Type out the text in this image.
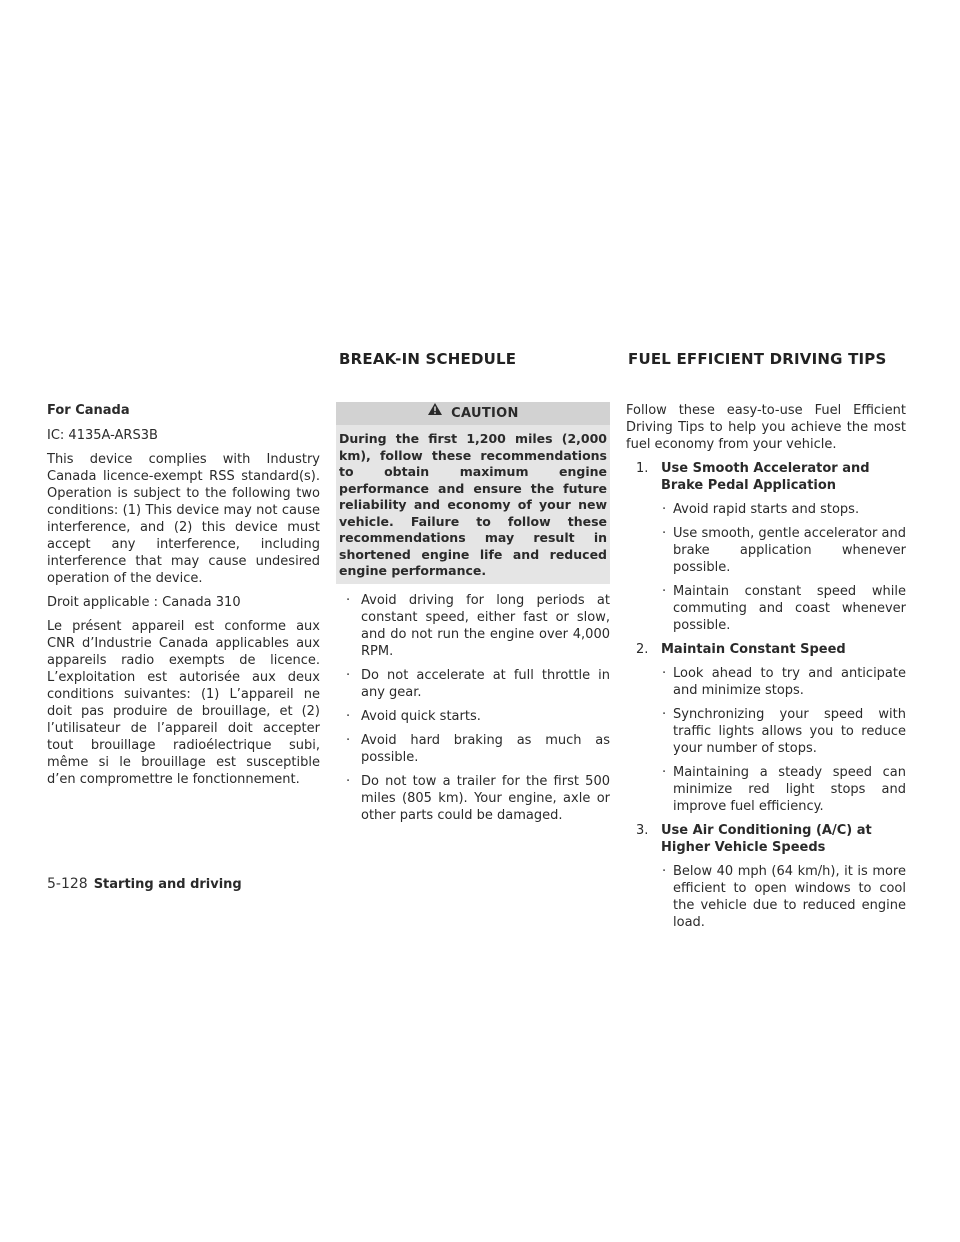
BREAK-IN SCHEDULE	FUEL EFFICIENT DRIVING TIPS
For Canada

IC: 4135A-ARS3B

This device complies with Industry Canada licence-exempt RSS standard(s). Operation is subject to the following two conditions: (1) This device may not cause interference, and (2) this device must accept any interference, including interference that may cause undesired operation of the device.

Droit applicable : Canada 310

Le présent appareil est conforme aux CNR d’Industrie Canada applicables aux appareils radio exempts de licence. L’exploitation est autorisée aux deux conditions suivantes: (1) L’appareil ne doit pas produire de brouillage, et (2) l’utilisateur de l’appareil doit accepter tout brouillage radioélectrique subi, même si le brouillage est susceptible d’en compromettre le fonctionnement.

CAUTION
During the first 1,200 miles (2,000 km), follow these recommendations to obtain maximum engine performance and ensure the future reliability and economy of your new vehicle. Failure to follow these recommendations may result in shortened engine life and reduced engine performance.
· Avoid driving for long periods at constant speed, either fast or slow, and do not run the engine over 4,000 RPM.
· Do not accelerate at full throttle in any gear.
· Avoid quick starts.
· Avoid hard braking as much as possible.
· Do not tow a trailer for the first 500 miles (805 km). Your engine, axle or other parts could be damaged.

Follow these easy-to-use Fuel Efficient Driving Tips to help you achieve the most fuel economy from your vehicle.

1. Use Smooth Accelerator and
Brake Pedal Application
· Avoid rapid starts and stops.
· Use smooth, gentle accelerator and brake application whenever possible.
· Maintain constant speed while commuting and coast whenever possible.
2. Maintain Constant Speed
· Look ahead to try and anticipate and minimize stops.
· Synchronizing your speed with traffic lights allows you to reduce your number of stops.
· Maintaining a steady speed can minimize red light stops and improve fuel efficiency.
3. Use Air Conditioning (A/C) at
Higher Vehicle Speeds
· Below 40 mph (64 km/h), it is more efficient to open windows to cool the vehicle due to reduced engine load.
5-128 Starting and driving
